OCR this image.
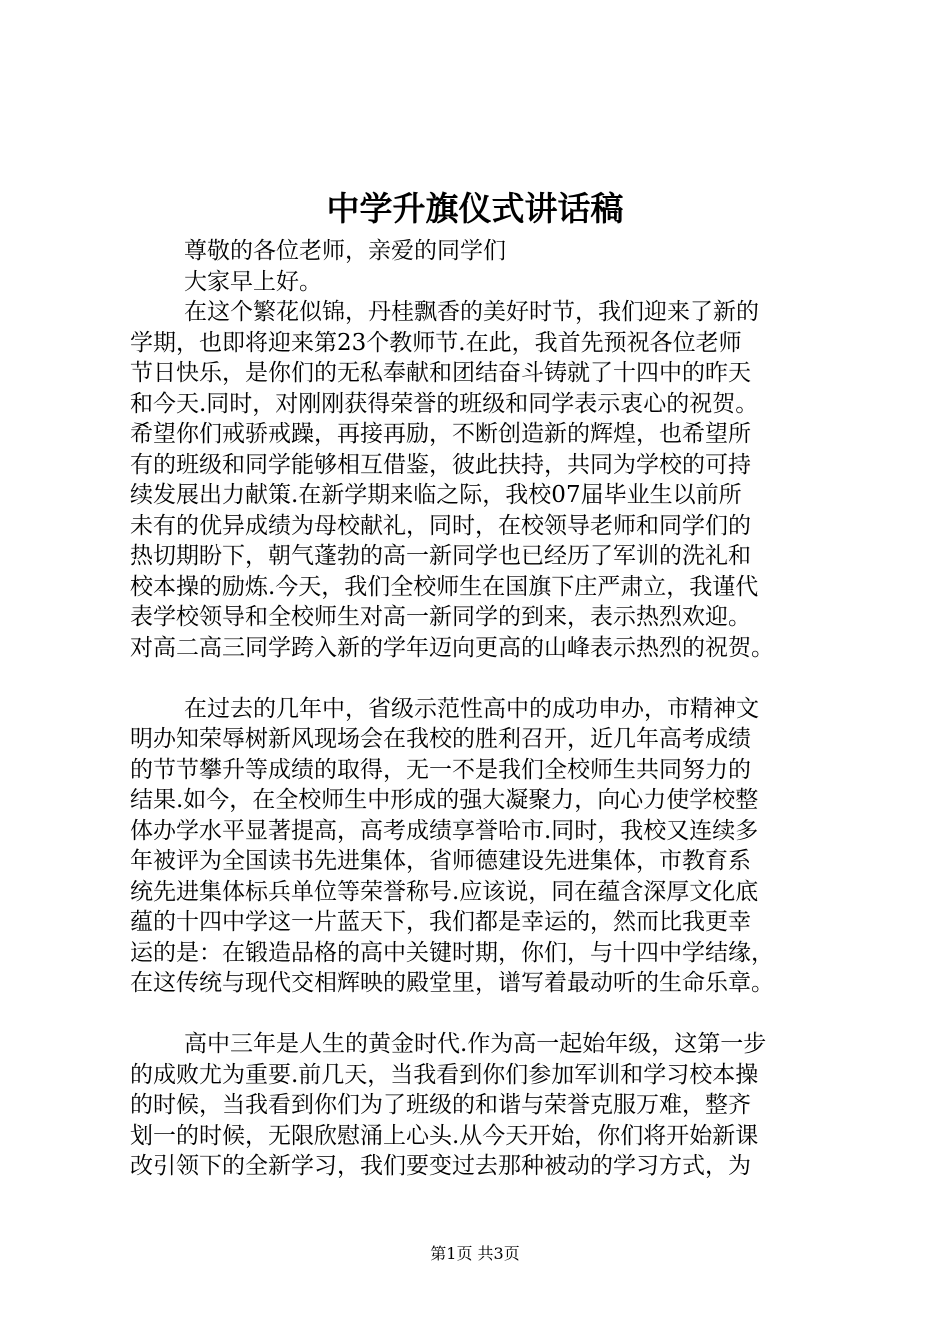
中学升旗仪式讲话稿
尊敬的各位老师，亲爱的同学们
大家早上好。
在这个繁花似锦，丹桂飘香的美好时节，我们迎来了新的
学期，也即将迎来第23个教师节.在此，我首先预祝各位老师
节日快乐，是你们的无私奉献和团结奋斗铸就了十四中的昨天
和今天.同时，对刚刚获得荣誉的班级和同学表示衷心的祝贺。
希望你们戒骄戒躁，再接再励，不断创造新的辉煌，也希望所
有的班级和同学能够相互借鉴，彼此扶持，共同为学校的可持
续发展出力献策.在新学期来临之际，我校07届毕业生以前所
未有的优异成绩为母校献礼，同时，在校领导老师和同学们的
热切期盼下，朝气蓬勃的高一新同学也已经历了军训的洗礼和
校本操的励炼.今天，我们全校师生在国旗下庄严肃立，我谨代
表学校领导和全校师生对高一新同学的到来，表示热烈欢迎。
对高二高三同学跨入新的学年迈向更高的山峰表示热烈的祝贺。
在过去的几年中，省级示范性高中的成功申办，市精神文
明办知荣辱树新风现场会在我校的胜利召开，近几年高考成绩
的节节攀升等成绩的取得，无一不是我们全校师生共同努力的
结果.如今，在全校师生中形成的强大凝聚力，向心力使学校整
体办学水平显著提高，高考成绩享誉哈市.同时，我校又连续多
年被评为全国读书先进集体，省师德建设先进集体，市教育系
统先进集体标兵单位等荣誉称号.应该说，同在蕴含深厚文化底
蕴的十四中学这一片蓝天下，我们都是幸运的，然而比我更幸
运的是：在锻造品格的高中关键时期，你们，与十四中学结缘，
在这传统与现代交相辉映的殿堂里，谱写着最动听的生命乐章。
高中三年是人生的黄金时代.作为高一起始年级，这第一步
的成败尤为重要.前几天，当我看到你们参加军训和学习校本操
的时候，当我看到你们为了班级的和谐与荣誉克服万难，整齐
划一的时候，无限欣慰涌上心头.从今天开始，你们将开始新课
改引领下的全新学习，我们要变过去那种被动的学习方式，为
第1页 共3页
